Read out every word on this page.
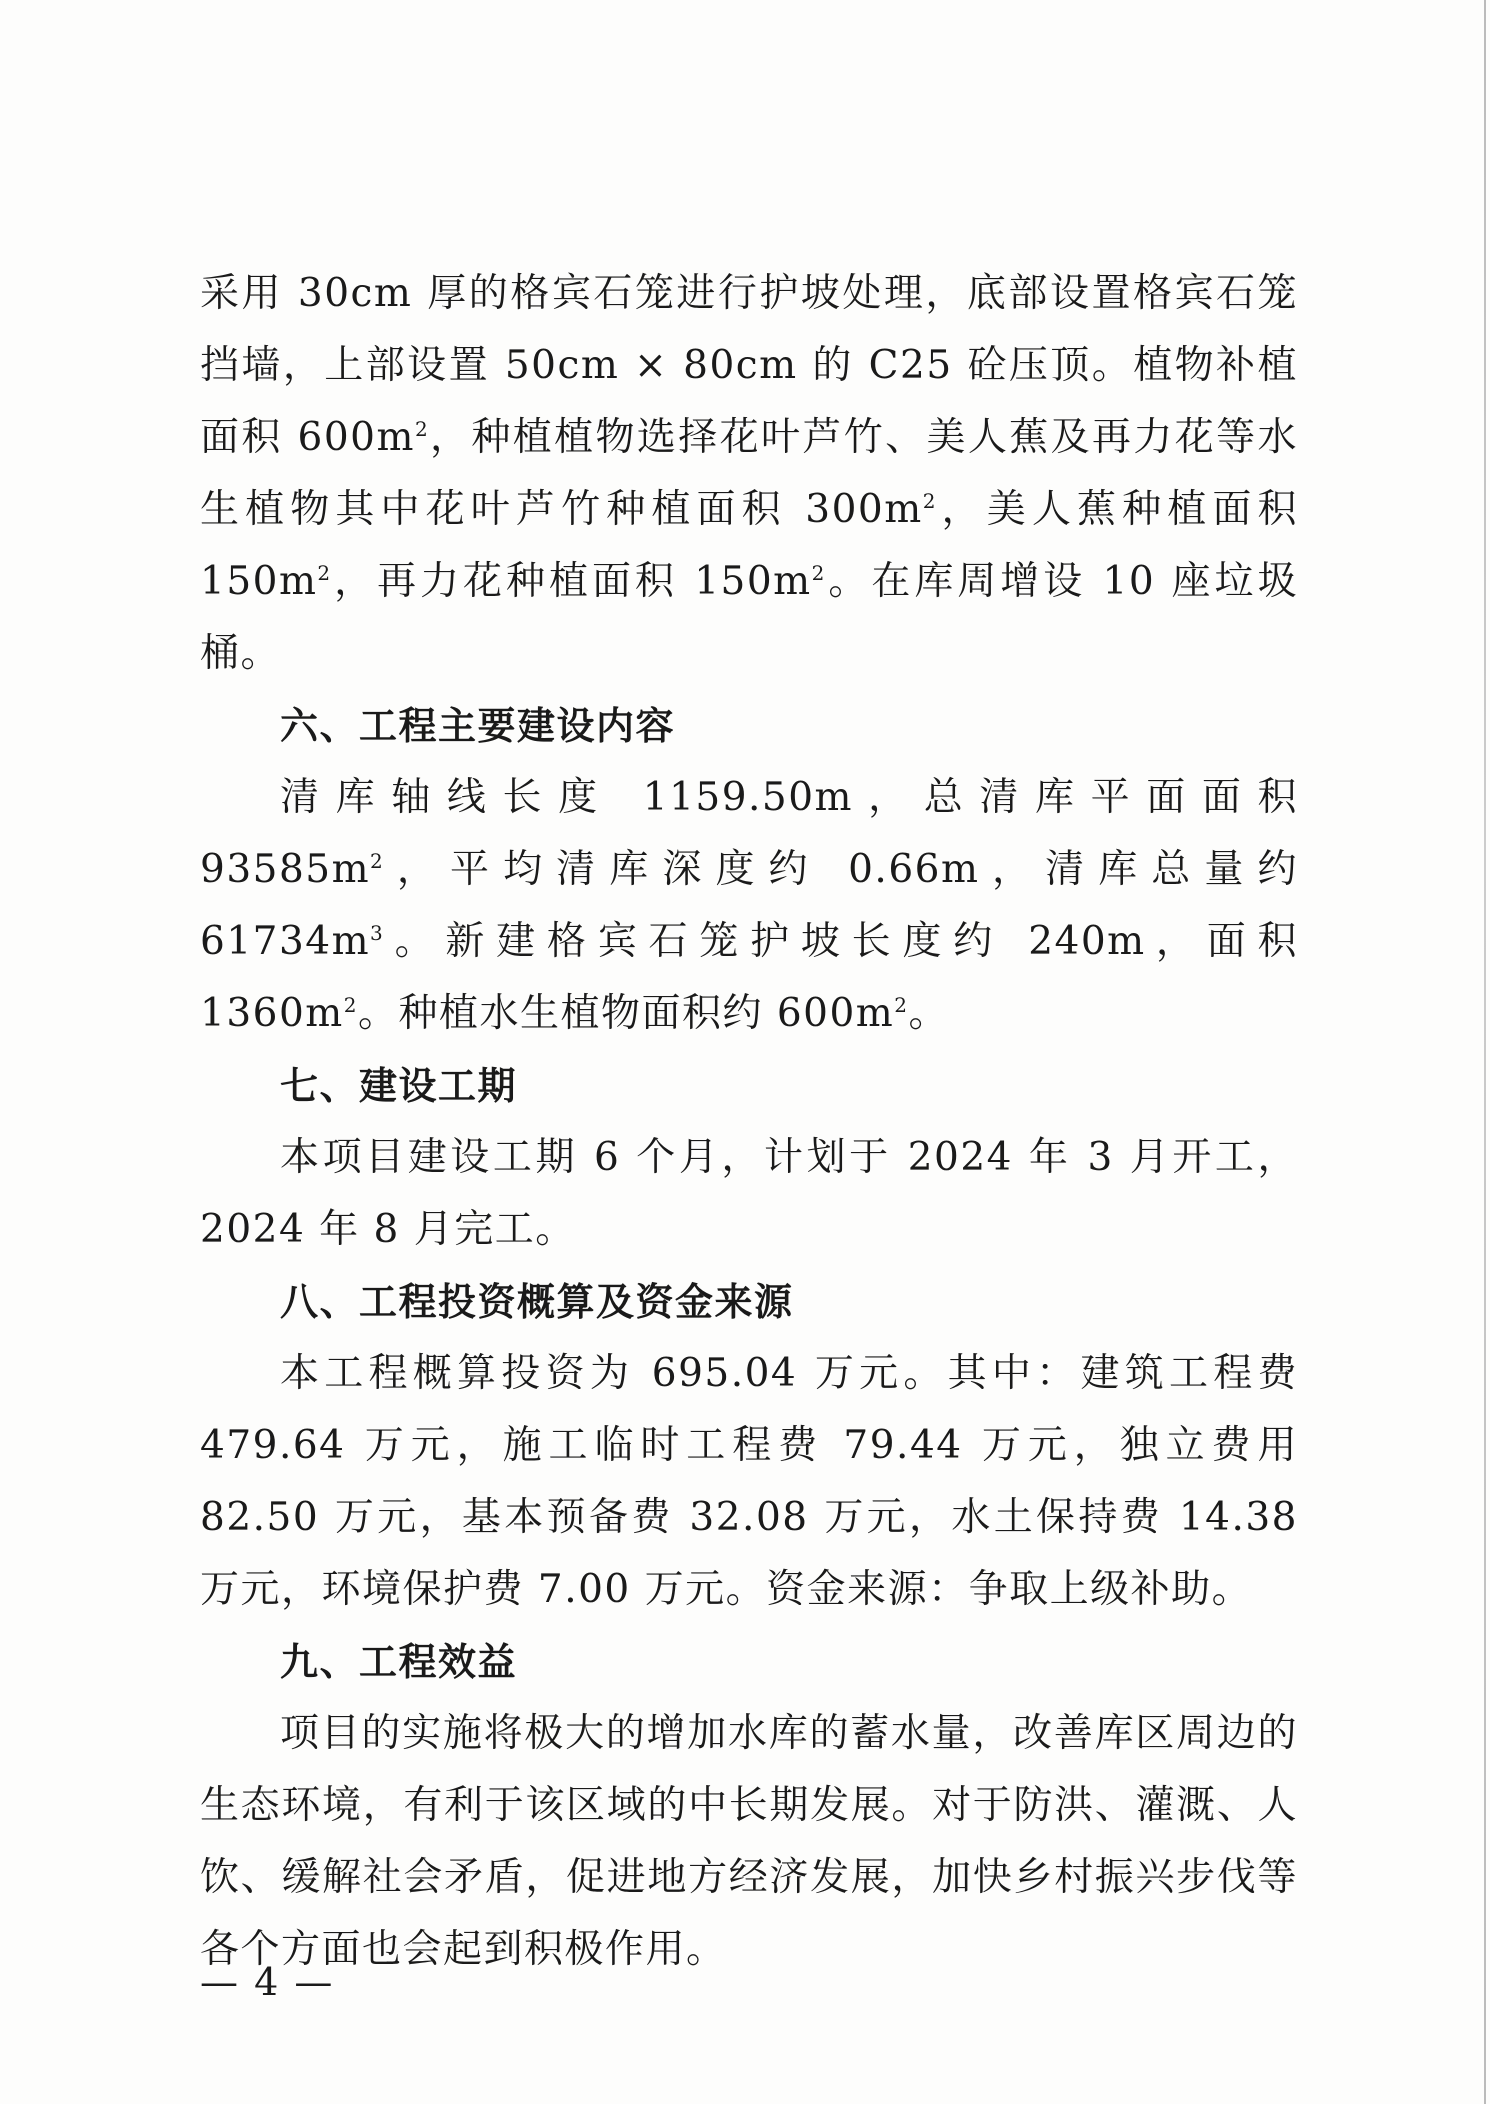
采用 30cm 厚的格宾石笼进行护坡处理，底部设置格宾石笼挡墙，上部设置 50cm × 80cm 的 C25 砼压顶。植物补植面积 $600m^2$，种植植物选择花叶芦竹、美人蕉及再力花等水生植物其中花叶芦竹种植面积 $300m^2$，美人蕉种植面积 $150m^2$，再力花种植面积 $150m^2$。在库周增设 10 座垃圾桶。

六、工程主要建设内容

清库轴线长度 1159.50m，总清库平面面积 $93585m^2$，平均清库深度约 0.66m，清库总量约 $61734m^3$。新建格宾石笼护坡长度约 240m，面积 $1360m^2$。种植水生植物面积约 $600m^2$。

七、建设工期

本项目建设工期 6 个月，计划于 2024 年 3 月开工，2024 年 8 月完工。

八、工程投资概算及资金来源

本工程概算投资为 695.04 万元。其中：建筑工程费 479.64 万元，施工临时工程费 79.44 万元，独立费用 82.50 万元，基本预备费 32.08 万元，水土保持费 14.38 万元，环境保护费 7.00 万元。资金来源：争取上级补助。

九、工程效益

项目的实施将极大的增加水库的蓄水量，改善库区周边的生态环境，有利于该区域的中长期发展。对于防洪、灌溉、人饮、缓解社会矛盾，促进地方经济发展，加快乡村振兴步伐等各个方面也会起到积极作用。

— 4 —
